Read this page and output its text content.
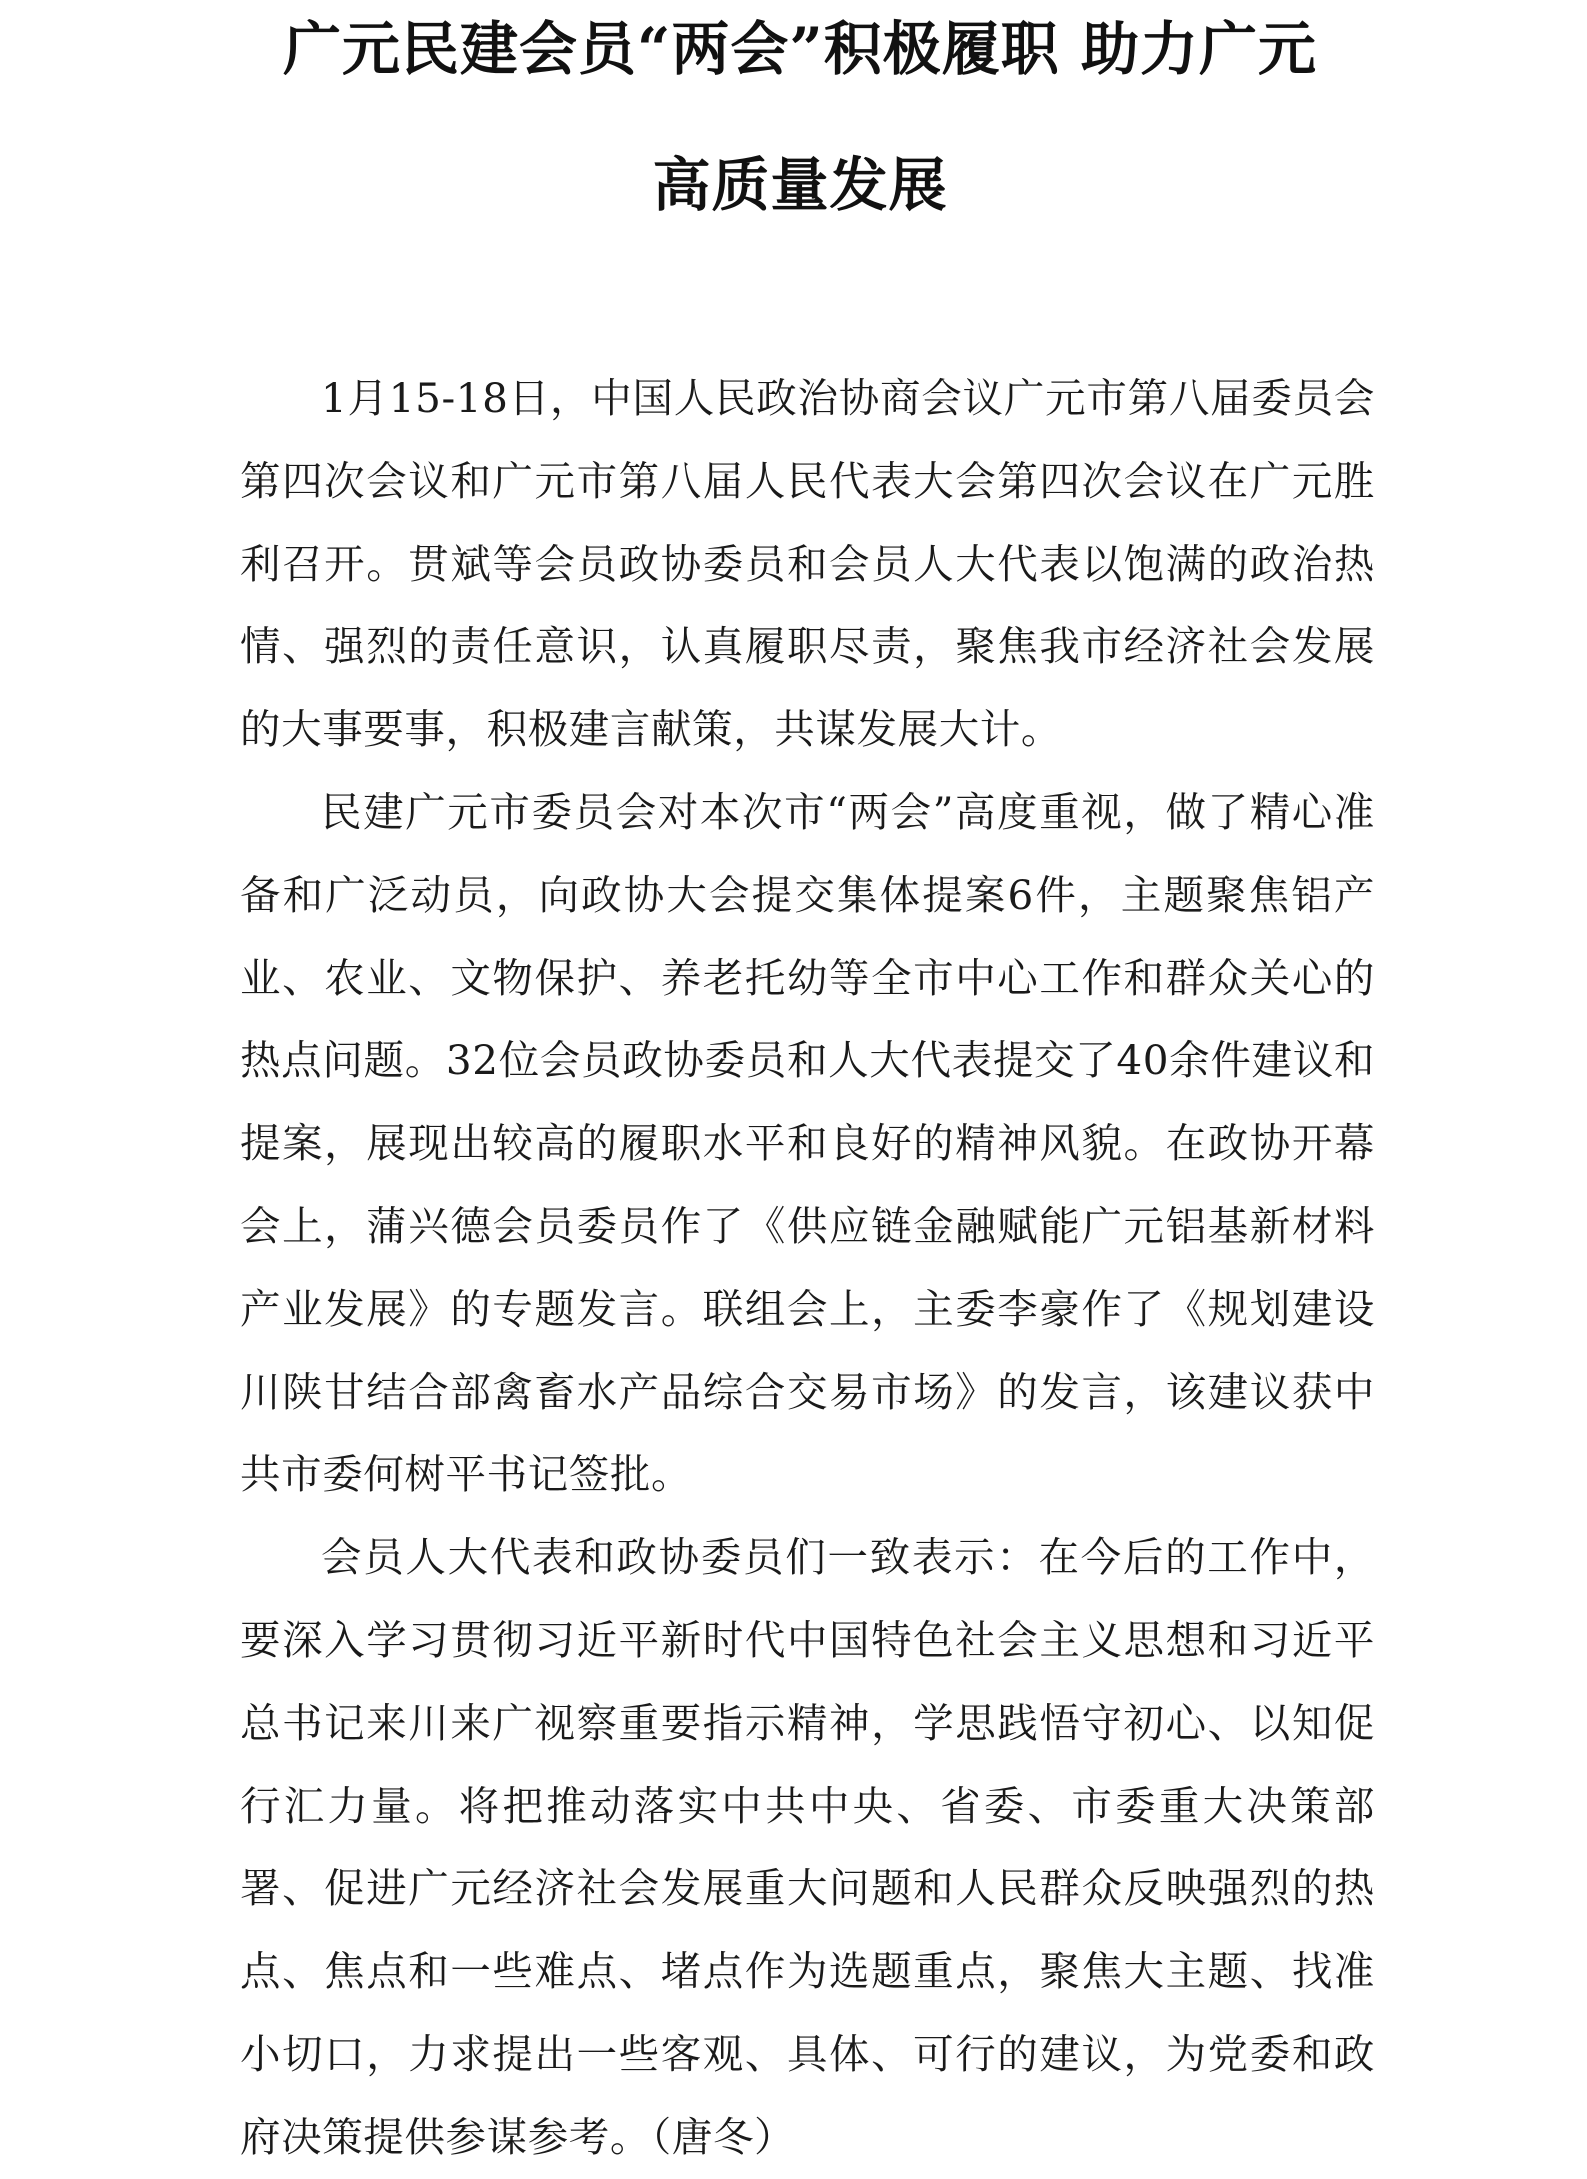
广元民建会员“两会”积极履职 助力广元
高质量发展

1月15-18日，中国人民政治协商会议广元市第八届委员会第四次会议和广元市第八届人民代表大会第四次会议在广元胜利召开。贯斌等会员政协委员和会员人大代表以饱满的政治热情、强烈的责任意识，认真履职尽责，聚焦我市经济社会发展的大事要事，积极建言献策，共谋发展大计。

民建广元市委员会对本次市“两会”高度重视，做了精心准备和广泛动员，向政协大会提交集体提案6件，主题聚焦铝产业、农业、文物保护、养老托幼等全市中心工作和群众关心的热点问题。32位会员政协委员和人大代表提交了40余件建议和提案，展现出较高的履职水平和良好的精神风貌。在政协开幕会上，蒲兴德会员委员作了《供应链金融赋能广元铝基新材料产业发展》的专题发言。联组会上，主委李豪作了《规划建设川陕甘结合部禽畜水产品综合交易市场》的发言，该建议获中共市委何树平书记签批。

会员人大代表和政协委员们一致表示：在今后的工作中，要深入学习贯彻习近平新时代中国特色社会主义思想和习近平总书记来川来广视察重要指示精神，学思践悟守初心、以知促行汇力量。将把推动落实中共中央、省委、市委重大决策部署、促进广元经济社会发展重大问题和人民群众反映强烈的热点、焦点和一些难点、堵点作为选题重点，聚焦大主题、找准小切口，力求提出一些客观、具体、可行的建议，为党委和政府决策提供参谋参考。（唐冬）
